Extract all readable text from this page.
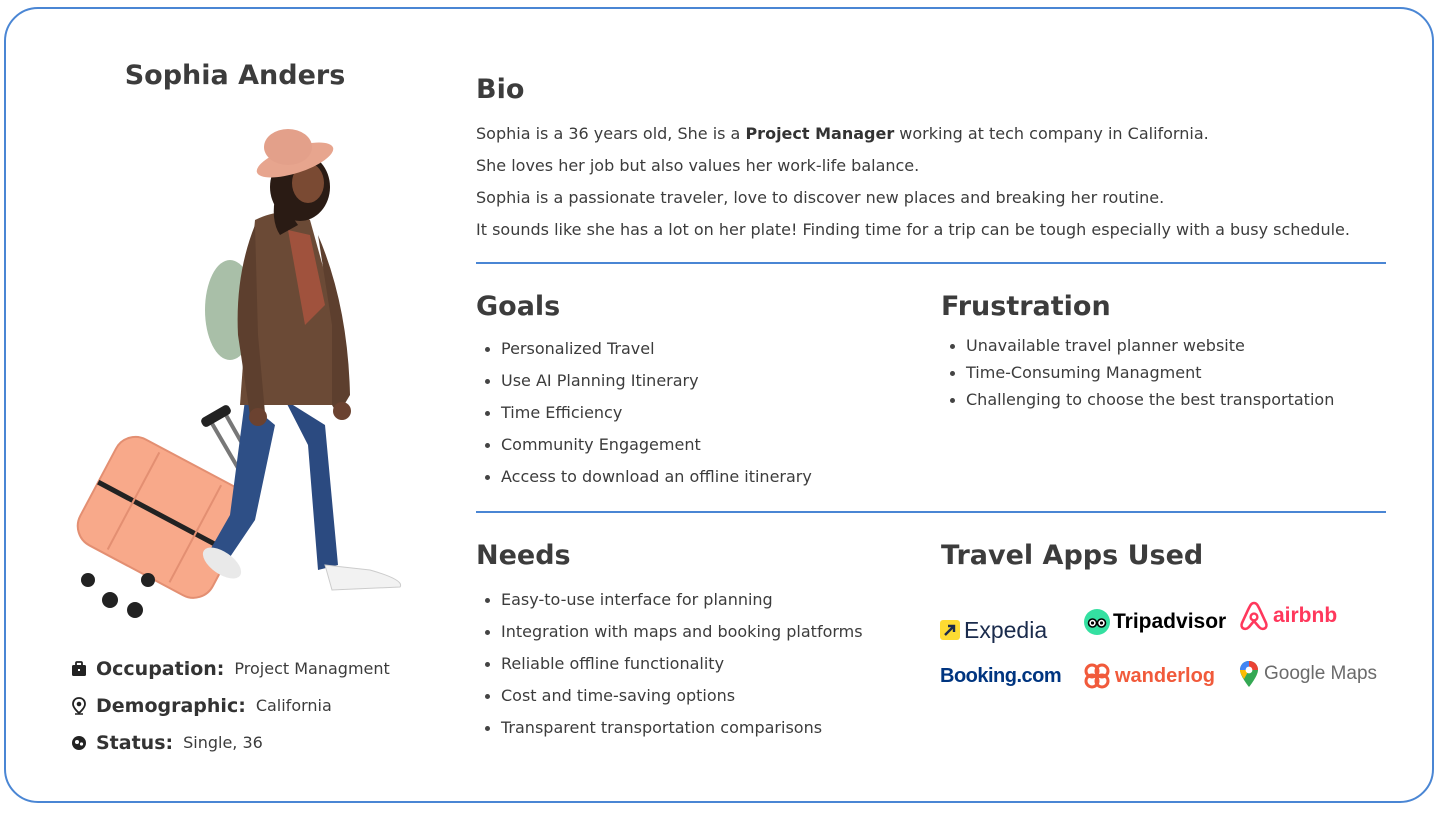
Sophia Anders
Occupation: Project Managment
Demographic: California
Status: Single, 36
Bio

Sophia is a 36 years old, She is a Project Manager working at tech company in California.

She loves her job but also values her work-life balance.

Sophia is a passionate traveler, love to discover new places and breaking her routine.

It sounds like she has a lot on her plate! Finding time for a trip can be tough especially with a busy schedule.

Goals
Personalized Travel
Use AI Planning Itinerary
Time Efficiency
Community Engagement
Access to download an offline itinerary
Frustration
Unavailable travel planner website
Time-Consuming Managment
Challenging to choose the best transportation
Needs
Easy-to-use interface for planning
Integration with maps and booking platforms
Reliable offline functionality
Cost and time-saving options
Transparent transportation comparisons
Travel Apps Used
Expedia	Tripadvisor airbnb
Booking.com	wanderlog	Google Maps
